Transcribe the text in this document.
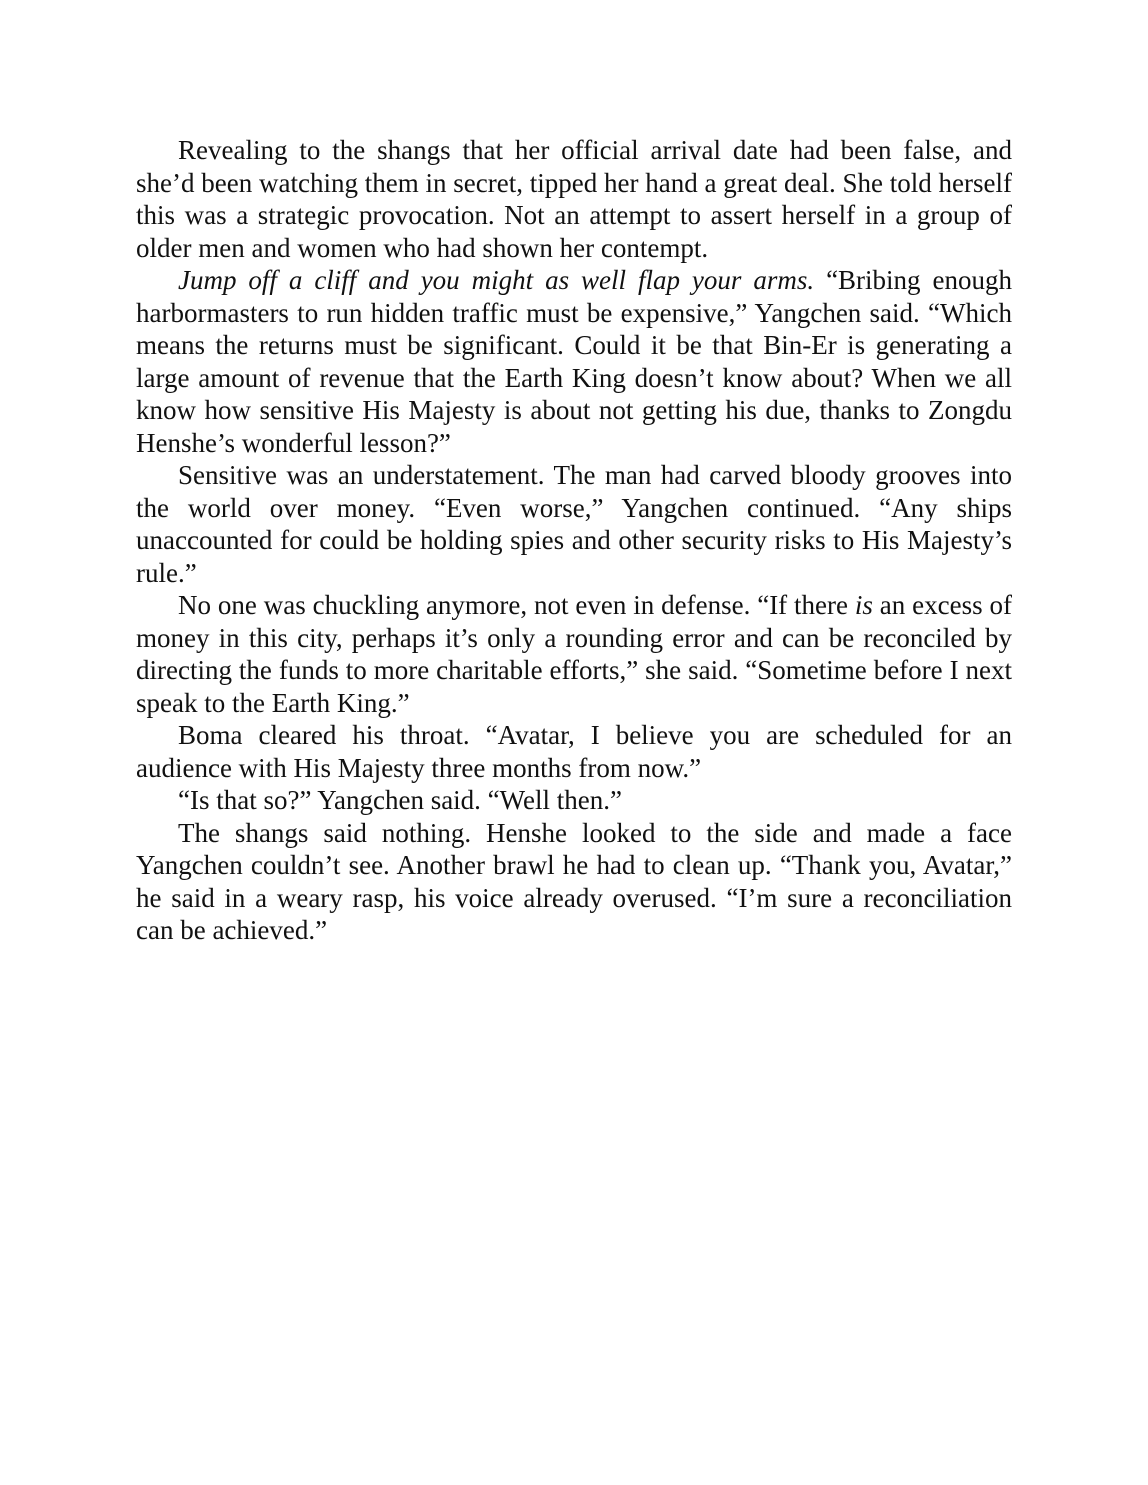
Revealing to the shangs that her official arrival date had been false, and she’d been watching them in secret, tipped her hand a great deal. She told herself this was a strategic provocation. Not an attempt to assert herself in a group of older men and women who had shown her contempt.

Jump off a cliff and you might as well flap your arms. “Bribing enough harbormasters to run hidden traffic must be expensive,” Yangchen said. “Which means the returns must be significant. Could it be that Bin-Er is generating a large amount of revenue that the Earth King doesn’t know about? When we all know how sensitive His Majesty is about not getting his due, thanks to Zongdu Henshe’s wonderful lesson?”

Sensitive was an understatement. The man had carved bloody grooves into the world over money. “Even worse,” Yangchen continued. “Any ships unaccounted for could be holding spies and other security risks to His Majesty’s rule.”

No one was chuckling anymore, not even in defense. “If there is an excess of money in this city, perhaps it’s only a rounding error and can be reconciled by directing the funds to more charitable efforts,” she said. “Sometime before I next speak to the Earth King.”

Boma cleared his throat. “Avatar, I believe you are scheduled for an audience with His Majesty three months from now.”

“Is that so?” Yangchen said. “Well then.”

The shangs said nothing. Henshe looked to the side and made a face Yangchen couldn’t see. Another brawl he had to clean up. “Thank you, Avatar,” he said in a weary rasp, his voice already overused. “I’m sure a reconciliation can be achieved.”
